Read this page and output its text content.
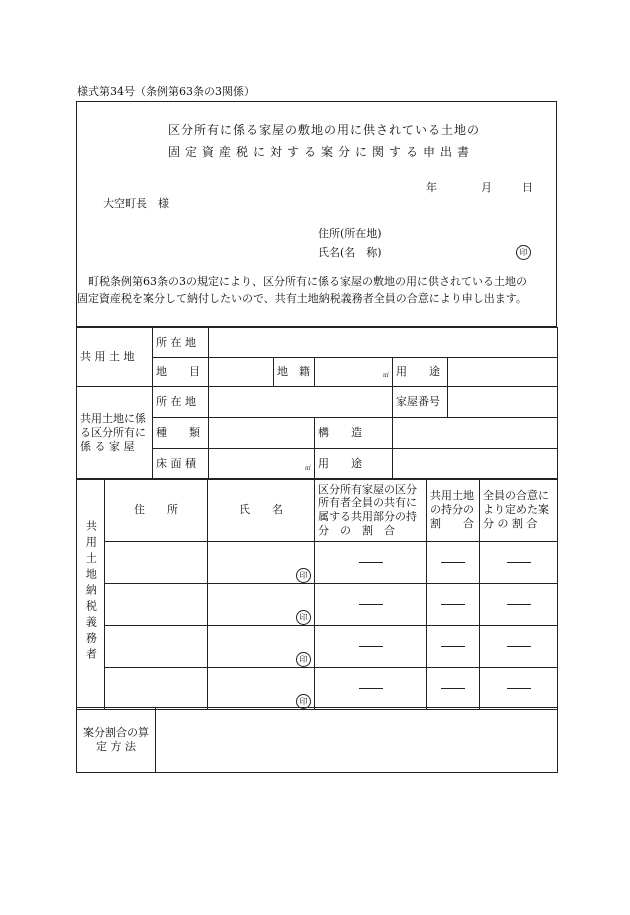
様式第34号（条例第63条の3関係）
区分所有に係る家屋の敷地の用に供されている土地の
固定資産税に対する案分に関する申出書
年	月	日
大空町長　様
住所(所在地)
氏名(名　称)	印
町税条例第63条の3の規定により、区分所有に係る家屋の敷地の用に供されている土地の
固定資産税を案分して納付したいので、共有土地納税義務者全員の合意により申し出ます。
共 用 土 地	所 在 地					
	地　　目		地　籍	㎡	用　　途	

共用土地に係る区分所有に係 る 家 屋	所 在 地				家屋番号	
	種　　類			構　　造		
	床 面 積	㎡		用　　途		
共用土地納税義務者	住　　所	氏　　名	区分所有家屋の区分所有者全員の共有に属する共用部分の持分　の　割　合	共用土地の持分の割　　合	全員の合意により定めた案分 の 割 合
		印			
		印			
		印			
		印			
案分割合の算 定 方 法	
